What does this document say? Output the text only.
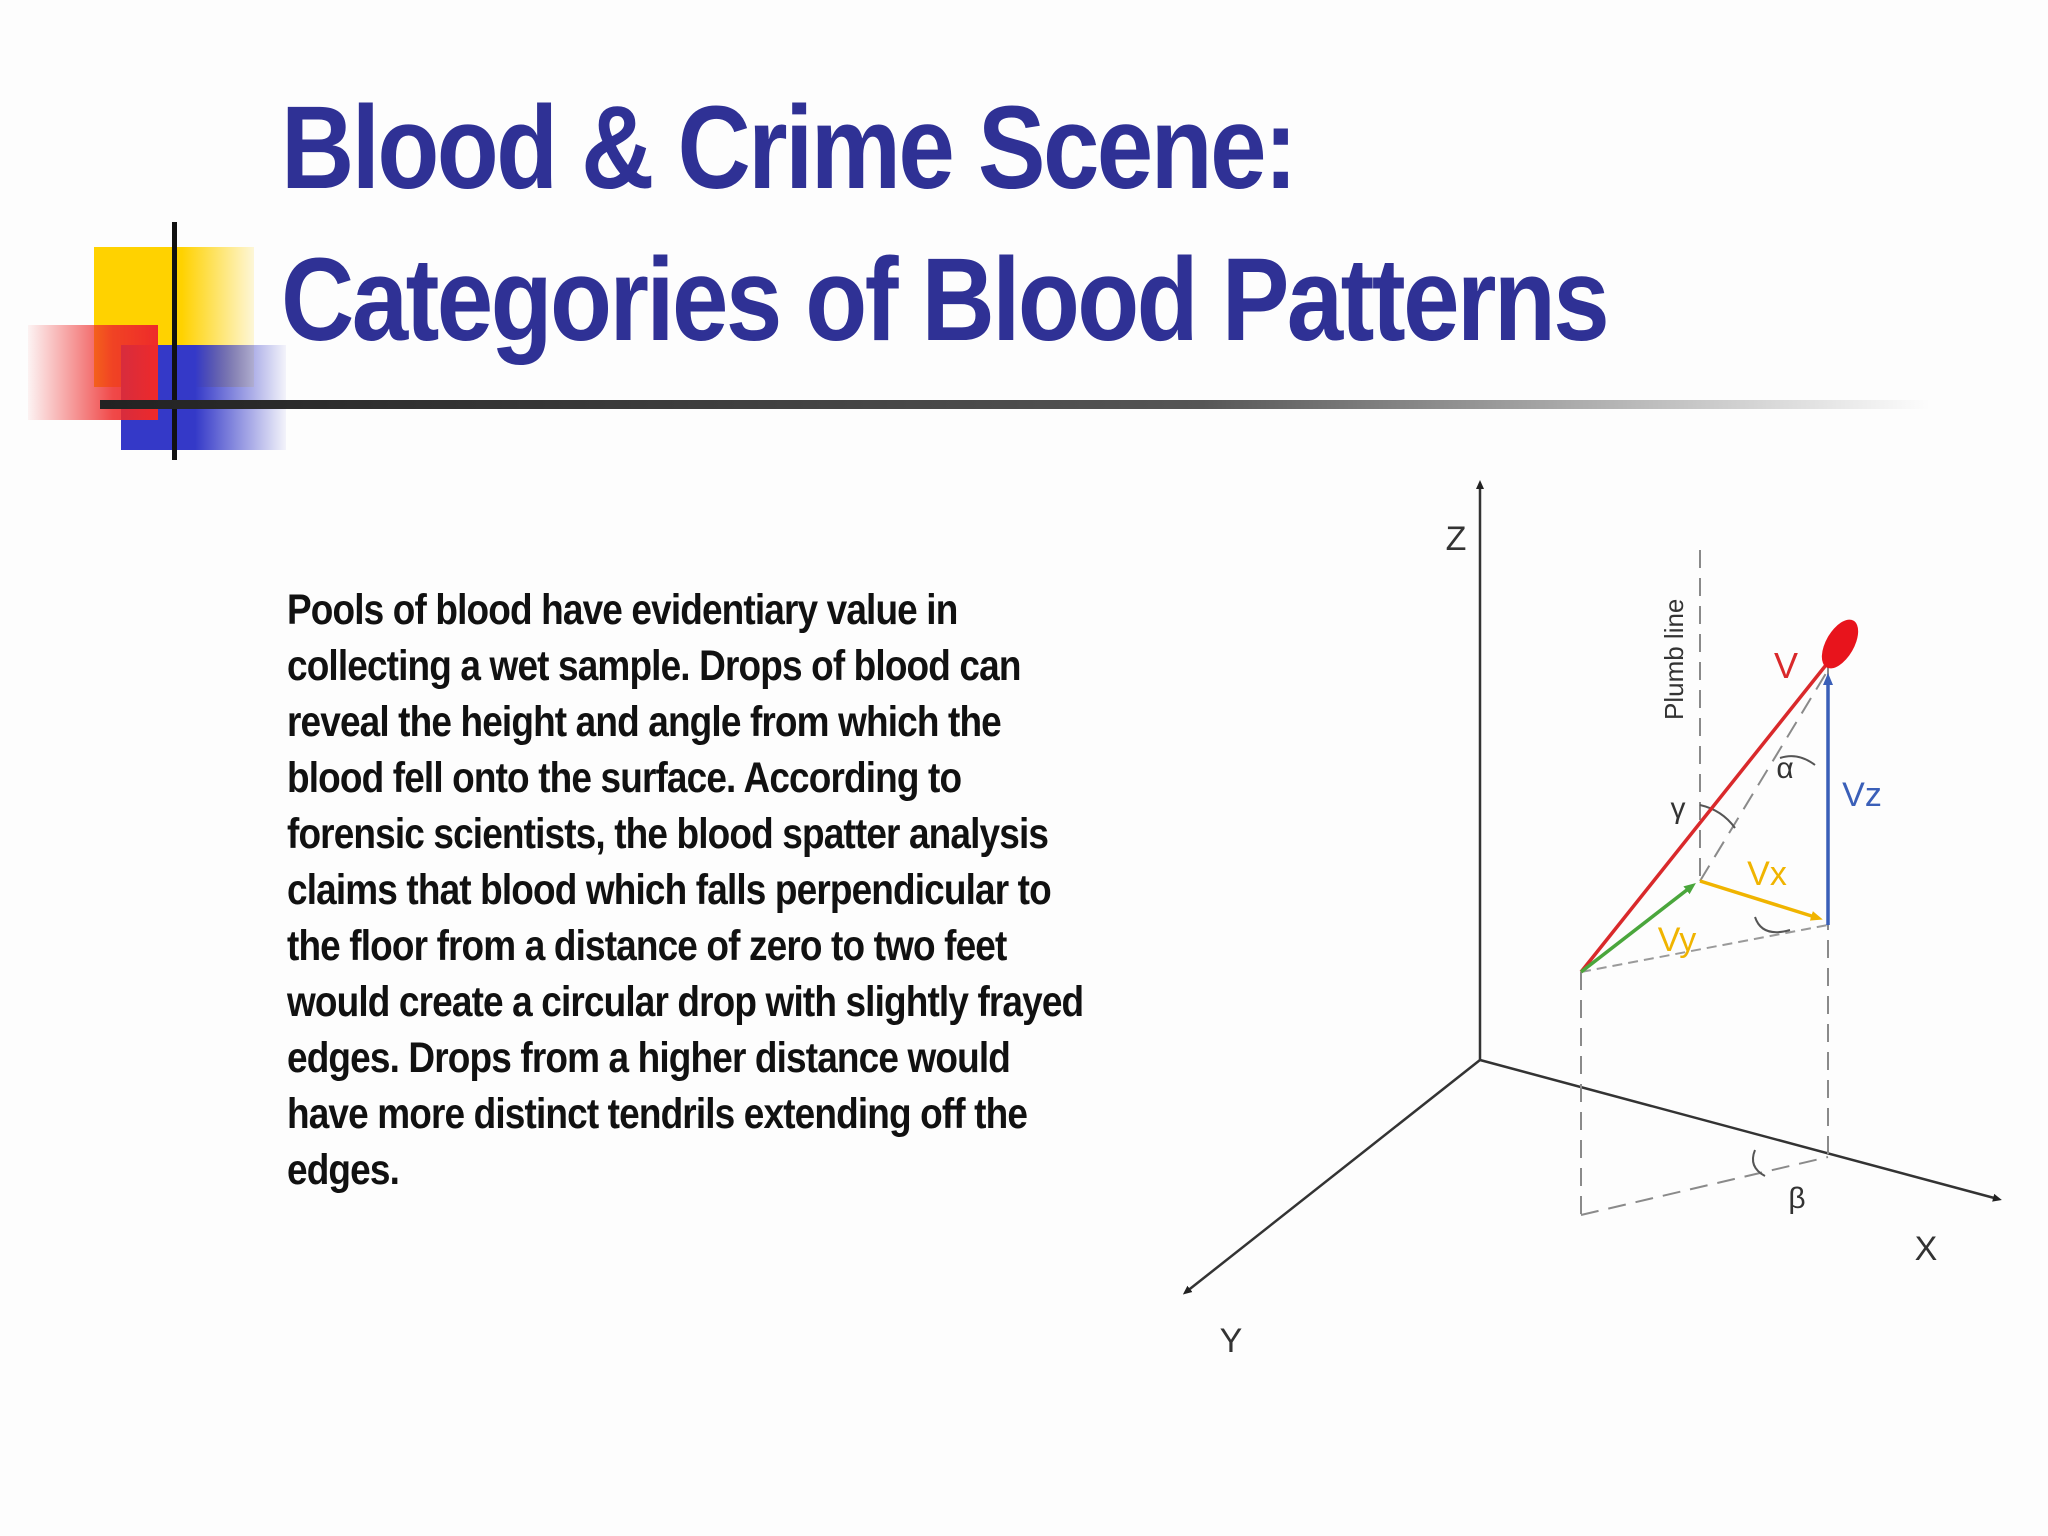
Blood & Crime Scene:
Categories of Blood Patterns

Pools of blood have evidentiary value in collecting a wet sample. Drops of blood can reveal the height and angle from which the blood fell onto the surface. According to forensic scientists, the blood spatter analysis claims that blood which falls perpendicular to the floor from a distance of zero to two feet would create a circular drop with slightly frayed edges. Drops from a higher distance would have more distinct tendrils extending off the edges.

Z
X
Y
Plumb line V
Vz
Vx
Vy
α
γ
β
